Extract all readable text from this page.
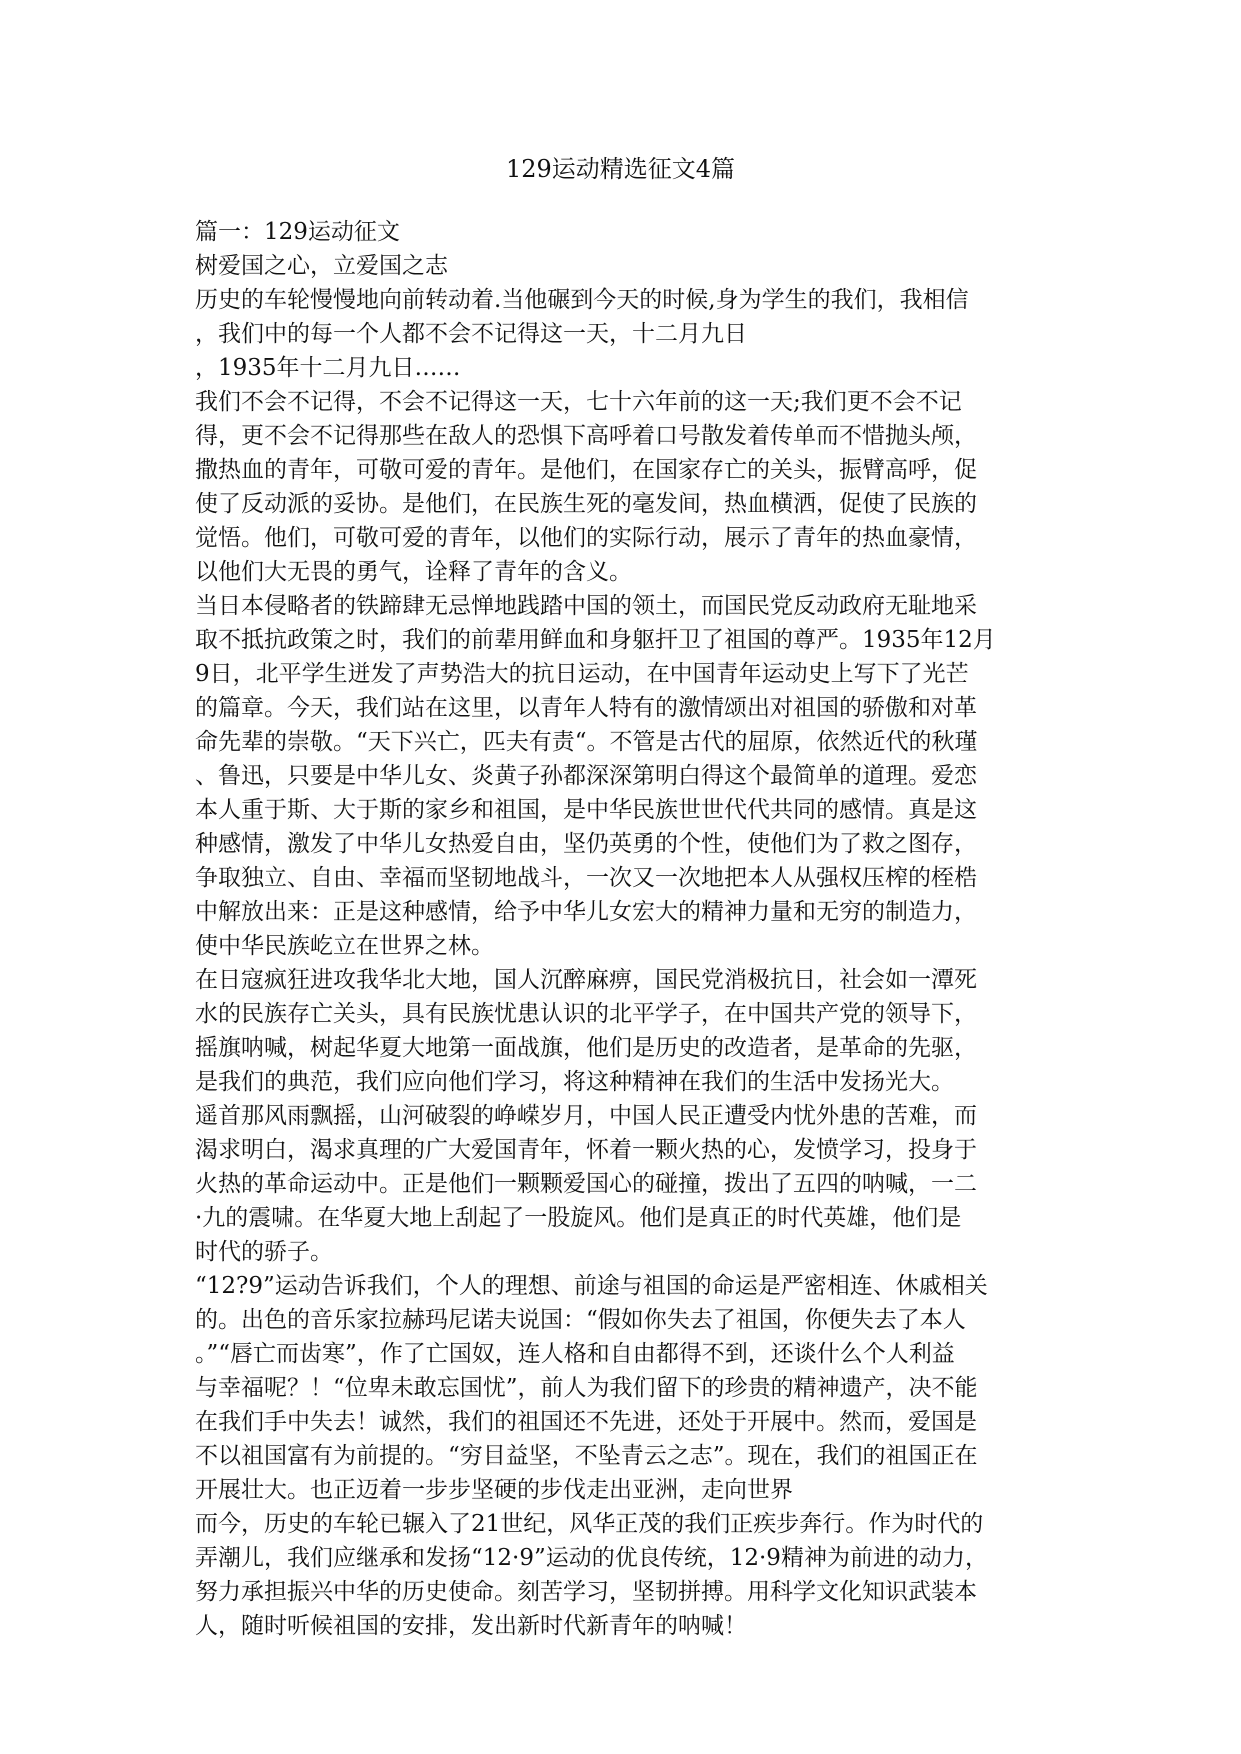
129运动精选征文4篇

篇一：129运动征文

树爱国之心，立爱国之志

历史的车轮慢慢地向前转动着.当他碾到今天的时候,身为学生的我们，我相信

，我们中的每一个人都不会不记得这一天，十二月九日

，1935年十二月九日……

我们不会不记得，不会不记得这一天，七十六年前的这一天;我们更不会不记

得，更不会不记得那些在敌人的恐惧下高呼着口号散发着传单而不惜抛头颅，

撒热血的青年，可敬可爱的青年。是他们，在国家存亡的关头，振臂高呼，促

使了反动派的妥协。是他们，在民族生死的毫发间，热血横洒，促使了民族的

觉悟。他们，可敬可爱的青年，以他们的实际行动，展示了青年的热血豪情，

以他们大无畏的勇气，诠释了青年的含义。

当日本侵略者的铁蹄肆无忌惮地践踏中国的领土，而国民党反动政府无耻地采

取不抵抗政策之时，我们的前辈用鲜血和身躯扞卫了祖国的尊严。1935年12月

9日，北平学生迸发了声势浩大的抗日运动，在中国青年运动史上写下了光芒

的篇章。今天，我们站在这里，以青年人特有的激情颂出对祖国的骄傲和对革

命先辈的崇敬。“天下兴亡，匹夫有责“。不管是古代的屈原，依然近代的秋瑾

、鲁迅，只要是中华儿女、炎黄子孙都深深第明白得这个最简单的道理。爱恋

本人重于斯、大于斯的家乡和祖国，是中华民族世世代代共同的感情。真是这

种感情，激发了中华儿女热爱自由，坚仍英勇的个性，使他们为了救之图存，

争取独立、自由、幸福而坚韧地战斗，一次又一次地把本人从强权压榨的桎梏

中解放出来：正是这种感情，给予中华儿女宏大的精神力量和无穷的制造力，

使中华民族屹立在世界之林。

在日寇疯狂进攻我华北大地，国人沉醉麻痹，国民党消极抗日，社会如一潭死

水的民族存亡关头，具有民族忧患认识的北平学子，在中国共产党的领导下，

摇旗呐喊，树起华夏大地第一面战旗，他们是历史的改造者，是革命的先驱，

是我们的典范，我们应向他们学习，将这种精神在我们的生活中发扬光大。

遥首那风雨飘摇，山河破裂的峥嵘岁月，中国人民正遭受内忧外患的苦难，而

渴求明白，渴求真理的广大爱国青年，怀着一颗火热的心，发愤学习，投身于

火热的革命运动中。正是他们一颗颗爱国心的碰撞，拨出了五四的呐喊，一二

·九的震啸。在华夏大地上刮起了一股旋风。他们是真正的时代英雄，他们是

时代的骄子。

“12?9”运动告诉我们，个人的理想、前途与祖国的命运是严密相连、休戚相关

的。出色的音乐家拉赫玛尼诺夫说国：“假如你失去了祖国，你便失去了本人

。”“唇亡而齿寒”，作了亡国奴，连人格和自由都得不到，还谈什么个人利益

与幸福呢？！“位卑未敢忘国忧”，前人为我们留下的珍贵的精神遗产，决不能

在我们手中失去！诚然，我们的祖国还不先进，还处于开展中。然而，爱国是

不以祖国富有为前提的。“穷目益坚，不坠青云之志”。现在，我们的祖国正在

开展壮大。也正迈着一步步坚硬的步伐走出亚洲，走向世界

而今，历史的车轮已辗入了21世纪，风华正茂的我们正疾步奔行。作为时代的

弄潮儿，我们应继承和发扬“12·9”运动的优良传统，12·9精神为前进的动力，

努力承担振兴中华的历史使命。刻苦学习，坚韧拼搏。用科学文化知识武装本

人，随时听候祖国的安排，发出新时代新青年的呐喊！
